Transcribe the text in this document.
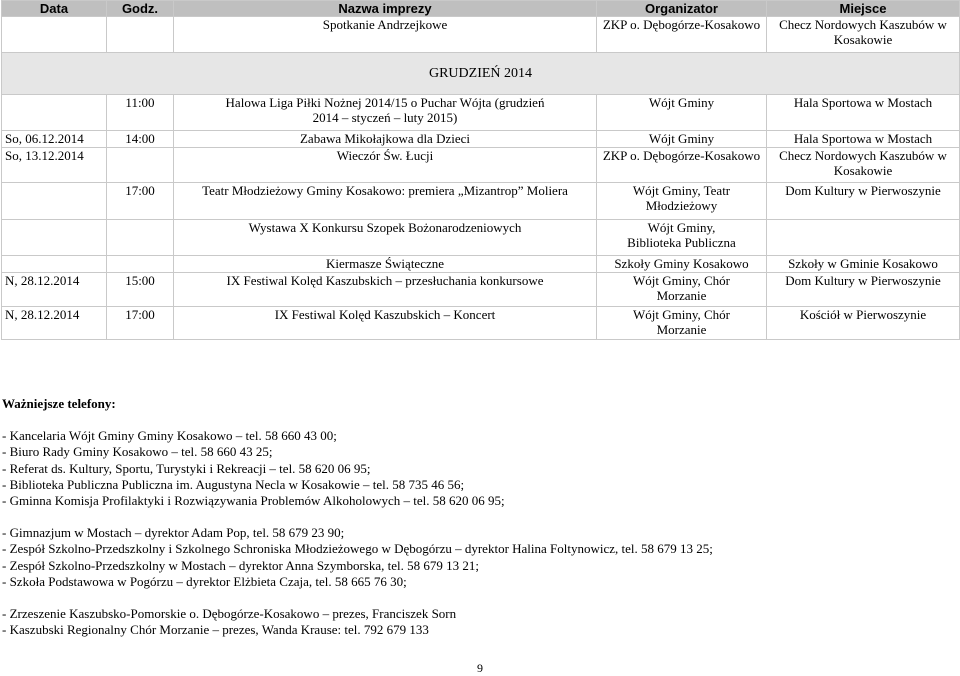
Data	Godz.	Nazwa imprezy	Organizator	Miejsce
		Spotkanie Andrzejkowe	ZKP o. Dębogórze-Kosakowo	Checz Nordowych Kaszubów w Kosakowie
GRUDZIEŃ 2014				
	11:00	Halowa Liga Piłki Nożnej 2014/15 o Puchar Wójta (grudzień 2014 – styczeń – luty 2015)	Wójt Gminy	Hala Sportowa w Mostach
So, 06.12.2014	14:00	Zabawa Mikołajkowa dla Dzieci	Wójt Gminy	Hala Sportowa w Mostach
So, 13.12.2014		Wieczór Św. Łucji	ZKP o. Dębogórze-Kosakowo	Checz Nordowych Kaszubów w Kosakowie
	17:00	Teatr Młodzieżowy Gminy Kosakowo: premiera „Mizantrop” Moliera	Wójt Gminy, Teatr Młodzieżowy	Dom Kultury w Pierwoszynie
		Wystawa X Konkursu Szopek Bożonarodzeniowych	Wójt Gminy, Biblioteka Publiczna	
		Kiermasze Świąteczne	Szkoły Gminy Kosakowo	Szkoły w Gminie Kosakowo
N, 28.12.2014	15:00	IX Festiwal Kolęd Kaszubskich – przesłuchania konkursowe	Wójt Gminy, Chór Morzanie	Dom Kultury w Pierwoszynie
N, 28.12.2014	17:00	IX Festiwal Kolęd Kaszubskich – Koncert	Wójt Gminy, Chór Morzanie	Kościół w Pierwoszynie
Ważniejsze telefony:
- Kancelaria Wójt Gminy Gminy Kosakowo – tel. 58 660 43 00;
- Biuro Rady Gminy Kosakowo – tel. 58 660 43 25;
- Referat ds. Kultury, Sportu, Turystyki i Rekreacji – tel. 58 620 06 95;
- Biblioteka Publiczna Publiczna im. Augustyna Necla w Kosakowie – tel. 58 735 46 56;
- Gminna Komisja Profilaktyki i Rozwiązywania Problemów Alkoholowych – tel. 58 620 06 95;
- Gimnazjum w Mostach – dyrektor Adam Pop, tel. 58 679 23 90;
- Zespół Szkolno-Przedszkolny i Szkolnego Schroniska Młodzieżowego w Dębogórzu – dyrektor Halina Foltynowicz, tel. 58 679 13 25;
- Zespół Szkolno-Przedszkolny w Mostach – dyrektor Anna Szymborska, tel. 58 679 13 21;
- Szkoła Podstawowa w Pogórzu – dyrektor Elżbieta Czaja, tel. 58 665 76 30;
- Zrzeszenie Kaszubsko-Pomorskie o. Dębogórze-Kosakowo – prezes, Franciszek Sorn
- Kaszubski Regionalny Chór Morzanie – prezes, Wanda Krause: tel. 792 679 133
9
